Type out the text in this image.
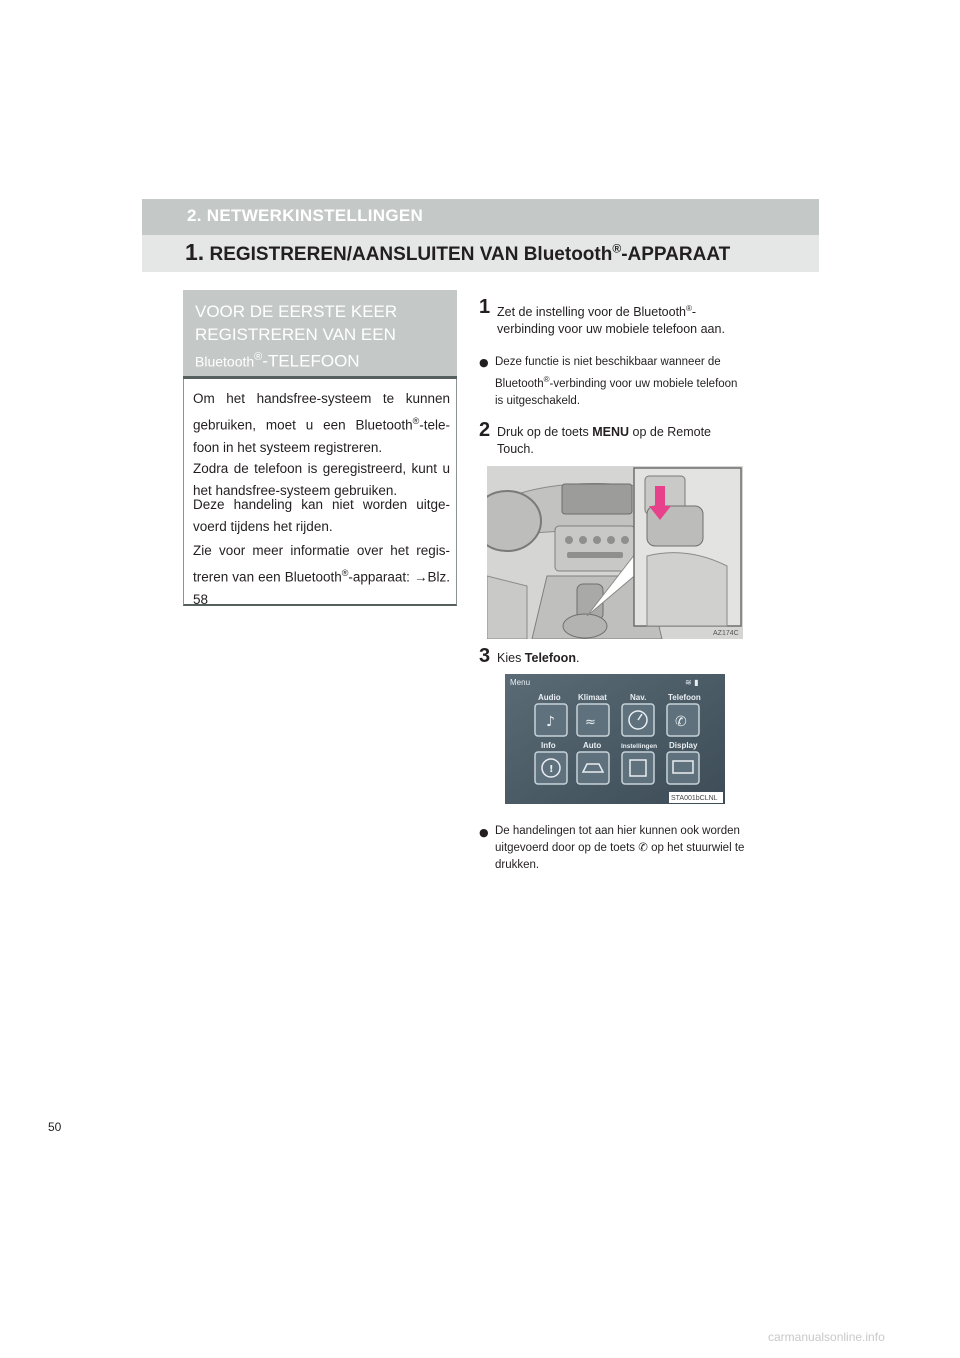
2. NETWERKINSTELLINGEN
1. REGISTREREN/AANSLUITEN VAN Bluetooth®-APPARAAT
VOOR DE EERSTE KEER
REGISTREREN VAN EEN
Bluetooth®-TELEFOON
Om het handsfree-systeem te kunnen gebruiken, moet u een Bluetooth®-tele-foon in het systeem registreren.
Zodra de telefoon is geregistreerd, kunt u het handsfree-systeem gebruiken.
Deze handeling kan niet worden uitge-voerd tijdens het rijden.
Zie voor meer informatie over het regis-treren van een Bluetooth®-apparaat: →Blz. 58
1 Zet de instelling voor de Bluetooth®-verbinding voor uw mobiele telefoon aan.
● Deze functie is niet beschikbaar wanneer de Bluetooth®-verbinding voor uw mobiele telefoon is uitgeschakeld.
2 Druk op de toets MENU op de Remote Touch.
AZ174C
3 Kies Telefoon.
Menu	≋ ▮
Audio Klimaat	Nav.	Telefoon
♪ ≈	✆
Info	Auto	Instellingen Display
!
STA001bCLNL
● De handelingen tot aan hier kunnen ook worden uitgevoerd door op de toets ✆ op het stuurwiel te drukken.
50
carmanualsonline.info
